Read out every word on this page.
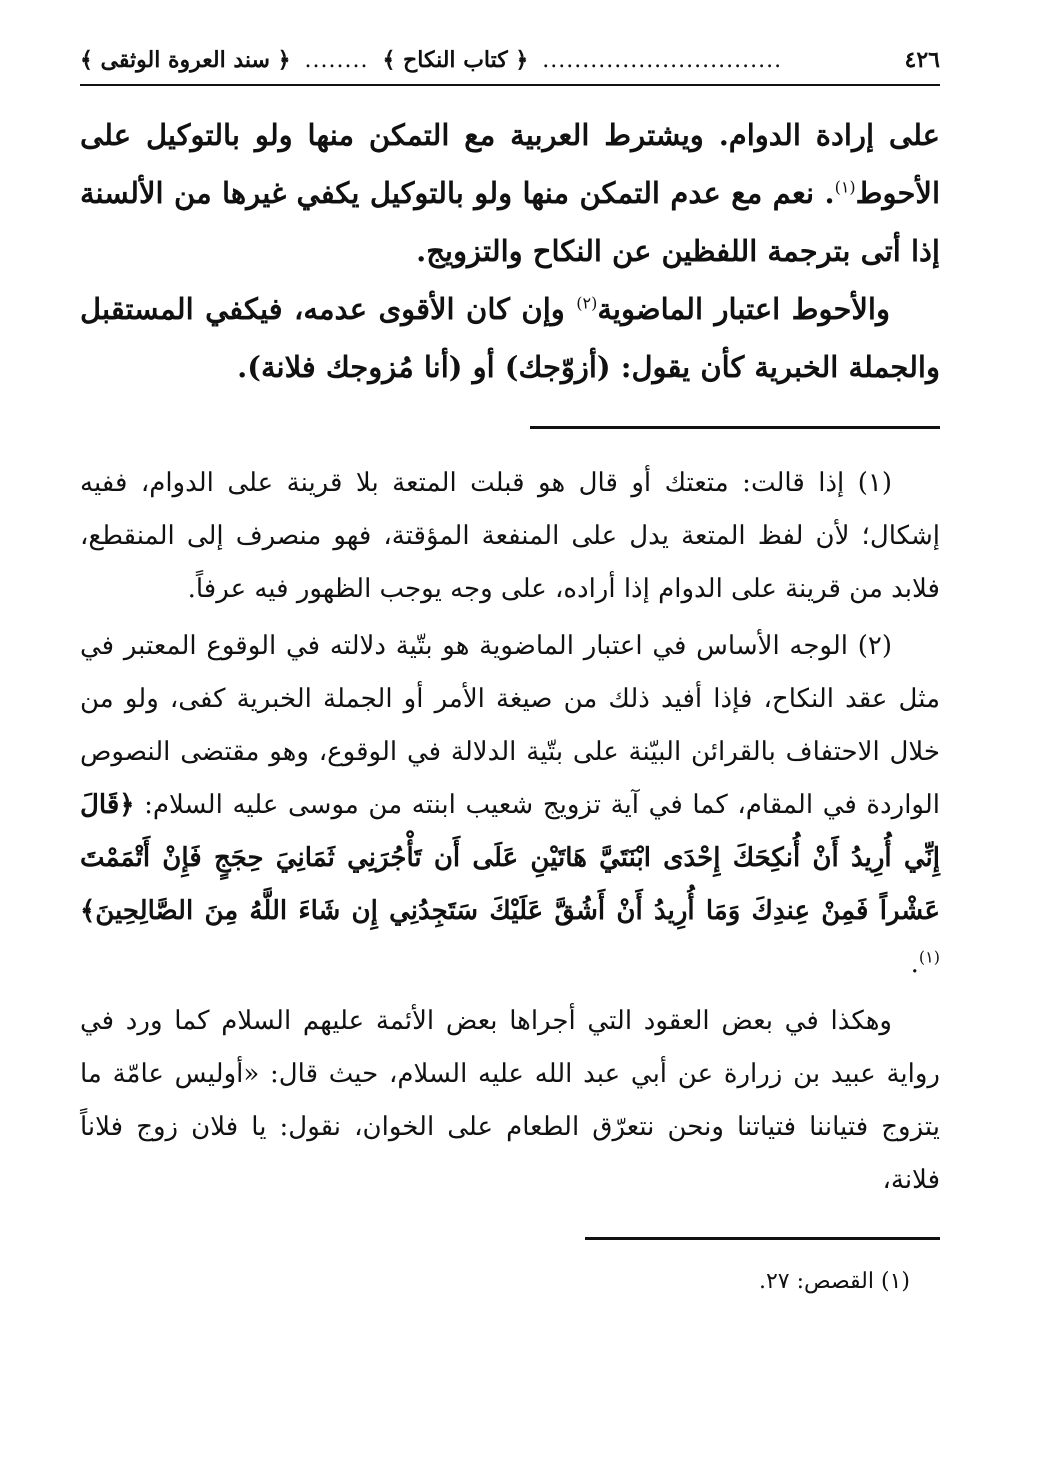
٤٢٦
..............................
﴿ كتاب النكاح ﴾
........
﴿ سند العروة الوثقى ﴾

على إرادة الدوام. ويشترط العربية مع التمكن منها ولو بالتوكيل على الأحوط$^{(١)}$. نعم مع عدم التمكن منها ولو بالتوكيل يكفي غيرها من الألسنة إذا أتى بترجمة اللفظين عن النكاح والتزويج.

والأحوط اعتبار الماضوية$^{(٢)}$ وإن كان الأقوى عدمه، فيكفي المستقبل والجملة الخبرية كأن يقول: (أزوّجك) أو (أنا مُزوجك فلانة).

(١) إذا قالت: متعتك أو قال هو قبلت المتعة بلا قرينة على الدوام، ففيه إشكال؛ لأن لفظ المتعة يدل على المنفعة المؤقتة، فهو منصرف إلى المنقطع، فلابد من قرينة على الدوام إذا أراده، على وجه يوجب الظهور فيه عرفاً.

(٢) الوجه الأساس في اعتبار الماضوية هو بتّية دلالته في الوقوع المعتبر في مثل عقد النكاح، فإذا أفيد ذلك من صيغة الأمر أو الجملة الخبرية كفى، ولو من خلال الاحتفاف بالقرائن البيّنة على بتّية الدلالة في الوقوع، وهو مقتضى النصوص الواردة في المقام، كما في آية تزويج شعيب ابنته من موسى عليه السلام: ﴿قَالَ إِنِّي أُرِيدُ أَنْ أُنكِحَكَ إِحْدَى ابْنَتَيَّ هَاتَيْنِ عَلَى أَن تَأْجُرَنِي ثَمَانِيَ حِجَجٍ فَإِنْ أَتْمَمْتَ عَشْراً فَمِنْ عِندِكَ وَمَا أُرِيدُ أَنْ أَشُقَّ عَلَيْكَ سَتَجِدُنِي إِن شَاءَ اللَّهُ مِنَ الصَّالِحِينَ﴾$^{(١)}$.

وهكذا في بعض العقود التي أجراها بعض الأئمة عليهم السلام كما ورد في رواية عبيد بن زرارة عن أبي عبد الله عليه السلام، حيث قال: «أوليس عامّة ما يتزوج فتياننا فتياتنا ونحن نتعرّق الطعام على الخوان، نقول: يا فلان زوج فلاناً فلانة،

(١) القصص: ٢٧.
